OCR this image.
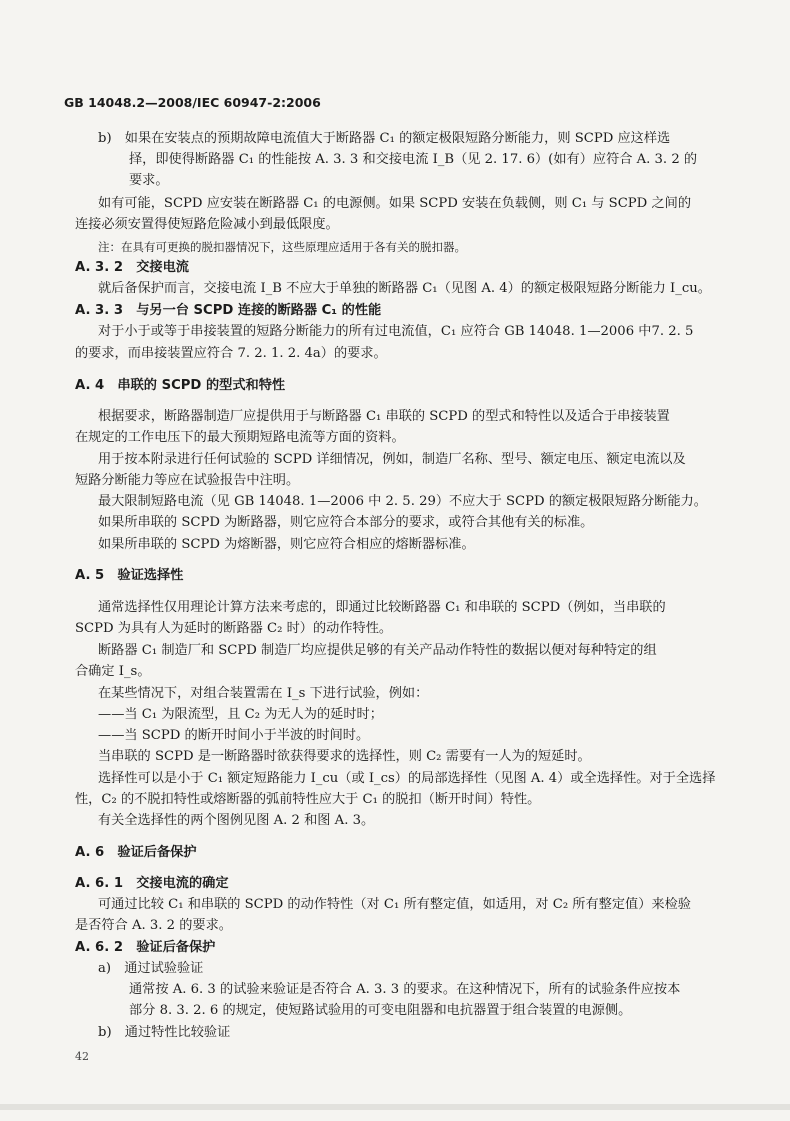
GB 14048.2—2008/IEC 60947-2:2006
b)　如果在安装点的预期故障电流值大于断路器 C₁ 的额定极限短路分断能力，则 SCPD 应这样选
择，即使得断路器 C₁ 的性能按 A. 3. 3 和交接电流 I_B（见 2. 17. 6）(如有）应符合 A. 3. 2 的
要求。
如有可能，SCPD 应安装在断路器 C₁ 的电源侧。如果 SCPD 安装在负载侧，则 C₁ 与 SCPD 之间的
连接必须安置得使短路危险减小到最低限度。
注：在具有可更换的脱扣器情况下，这些原理应适用于各有关的脱扣器。
A. 3. 2　交接电流
就后备保护而言，交接电流 I_B 不应大于单独的断路器 C₁（见图 A. 4）的额定极限短路分断能力 I_cu。
A. 3. 3　与另一台 SCPD 连接的断路器 C₁ 的性能
对于小于或等于串接装置的短路分断能力的所有过电流值，C₁ 应符合 GB 14048. 1—2006 中7. 2. 5
的要求，而串接装置应符合 7. 2. 1. 2. 4a）的要求。
A. 4　串联的 SCPD 的型式和特性
根据要求，断路器制造厂应提供用于与断路器 C₁ 串联的 SCPD 的型式和特性以及适合于串接装置
在规定的工作电压下的最大预期短路电流等方面的资料。
用于按本附录进行任何试验的 SCPD 详细情况，例如，制造厂名称、型号、额定电压、额定电流以及
短路分断能力等应在试验报告中注明。
最大限制短路电流（见 GB 14048. 1—2006 中 2. 5. 29）不应大于 SCPD 的额定极限短路分断能力。
如果所串联的 SCPD 为断路器，则它应符合本部分的要求，或符合其他有关的标准。
如果所串联的 SCPD 为熔断器，则它应符合相应的熔断器标准。
A. 5　验证选择性
通常选择性仅用理论计算方法来考虑的，即通过比较断路器 C₁ 和串联的 SCPD（例如，当串联的
SCPD 为具有人为延时的断路器 C₂ 时）的动作特性。
断路器 C₁ 制造厂和 SCPD 制造厂均应提供足够的有关产品动作特性的数据以便对每种特定的组
合确定 I_s。
在某些情况下，对组合装置需在 I_s 下进行试验，例如：
——当 C₁ 为限流型，且 C₂ 为无人为的延时时；
——当 SCPD 的断开时间小于半波的时间时。
当串联的 SCPD 是一断路器时欲获得要求的选择性，则 C₂ 需要有一人为的短延时。
选择性可以是小于 C₁ 额定短路能力 I_cu（或 I_cs）的局部选择性（见图 A. 4）或全选择性。对于全选择
性，C₂ 的不脱扣特性或熔断器的弧前特性应大于 C₁ 的脱扣（断开时间）特性。
有关全选择性的两个图例见图 A. 2 和图 A. 3。
A. 6　验证后备保护
A. 6. 1　交接电流的确定
可通过比较 C₁ 和串联的 SCPD 的动作特性（对 C₁ 所有整定值，如适用，对 C₂ 所有整定值）来检验
是否符合 A. 3. 2 的要求。
A. 6. 2　验证后备保护
a)　通过试验验证
通常按 A. 6. 3 的试验来验证是否符合 A. 3. 3 的要求。在这种情况下，所有的试验条件应按本
部分 8. 3. 2. 6 的规定，使短路试验用的可变电阻器和电抗器置于组合装置的电源侧。
b)　通过特性比较验证
42
